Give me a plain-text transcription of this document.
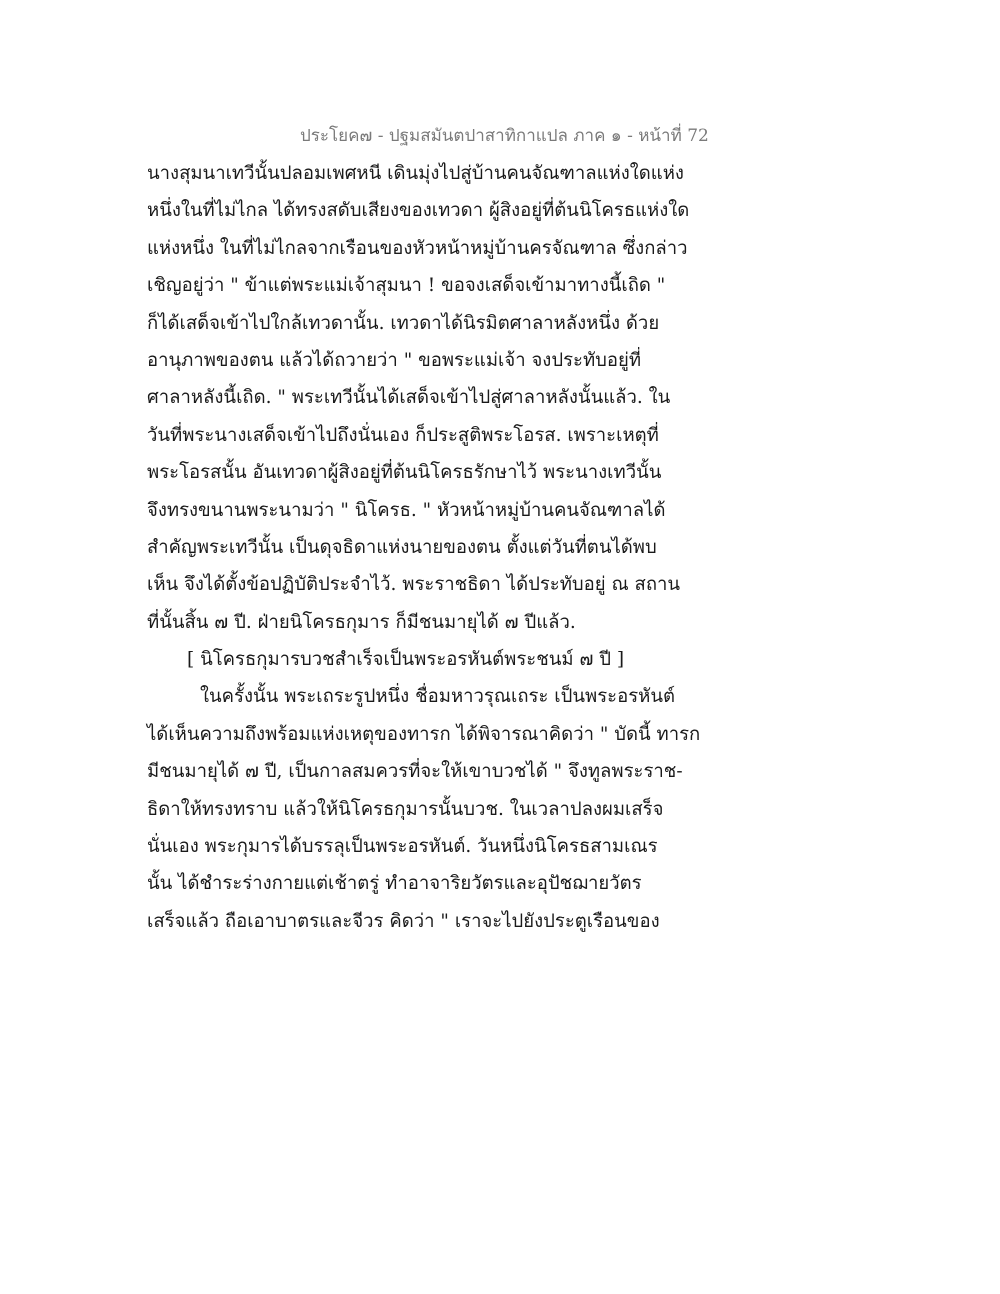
ประโยค๗ - ปฐมสมันตปาสาทิกาแปล ภาค ๑ - หน้าที่ 72
นางสุมนาเทวีนั้นปลอมเพศหนี เดินมุ่งไปสู่บ้านคนจัณฑาลแห่งใดแห่ง
หนึ่งในที่ไม่ไกล ได้ทรงสดับเสียงของเทวดา ผู้สิงอยู่ที่ต้นนิโครธแห่งใด
แห่งหนึ่ง ในที่ไม่ไกลจากเรือนของหัวหน้าหมู่บ้านครจัณฑาล ซึ่งกล่าว
เชิญอยู่ว่า " ข้าแต่พระแม่เจ้าสุมนา ! ขอจงเสด็จเข้ามาทางนี้เถิด "
ก็ได้เสด็จเข้าไปใกล้เทวดานั้น. เทวดาได้นิรมิตศาลาหลังหนึ่ง ด้วย
อานุภาพของตน แล้วได้ถวายว่า " ขอพระแม่เจ้า จงประทับอยู่ที่
ศาลาหลังนี้เถิด. " พระเทวีนั้นได้เสด็จเข้าไปสู่ศาลาหลังนั้นแล้ว. ใน
วันที่พระนางเสด็จเข้าไปถึงนั่นเอง ก็ประสูติพระโอรส. เพราะเหตุที่
พระโอรสนั้น อันเทวดาผู้สิงอยู่ที่ต้นนิโครธรักษาไว้ พระนางเทวีนั้น
จึงทรงขนานพระนามว่า " นิโครธ. " หัวหน้าหมู่บ้านคนจัณฑาลได้
สำคัญพระเทวีนั้น เป็นดุจธิดาแห่งนายของตน ตั้งแต่วันที่ตนได้พบ
เห็น จึงได้ตั้งข้อปฏิบัติประจำไว้. พระราชธิดา ได้ประทับอยู่ ณ สถาน
ที่นั้นสิ้น ๗ ปี. ฝ่ายนิโครธกุมาร ก็มีชนมายุได้ ๗ ปีแล้ว.
[ นิโครธกุมารบวชสำเร็จเป็นพระอรหันต์พระชนม์ ๗ ปี ]
ในครั้งนั้น พระเถระรูปหนึ่ง ชื่อมหาวรุณเถระ เป็นพระอรหันต์
ได้เห็นความถึงพร้อมแห่งเหตุของทารก ได้พิจารณาคิดว่า " บัดนี้ ทารก
มีชนมายุได้ ๗ ปี, เป็นกาลสมควรที่จะให้เขาบวชได้ " จึงทูลพระราช-
ธิดาให้ทรงทราบ แล้วให้นิโครธกุมารนั้นบวช. ในเวลาปลงผมเสร็จ
นั่นเอง พระกุมารได้บรรลุเป็นพระอรหันต์. วันหนึ่งนิโครธสามเณร
นั้น ได้ชำระร่างกายแต่เช้าตรู่ ทำอาจาริยวัตรและอุปัชฌายวัตร
เสร็จแล้ว ถือเอาบาตรและจีวร คิดว่า " เราจะไปยังประตูเรือนของ
